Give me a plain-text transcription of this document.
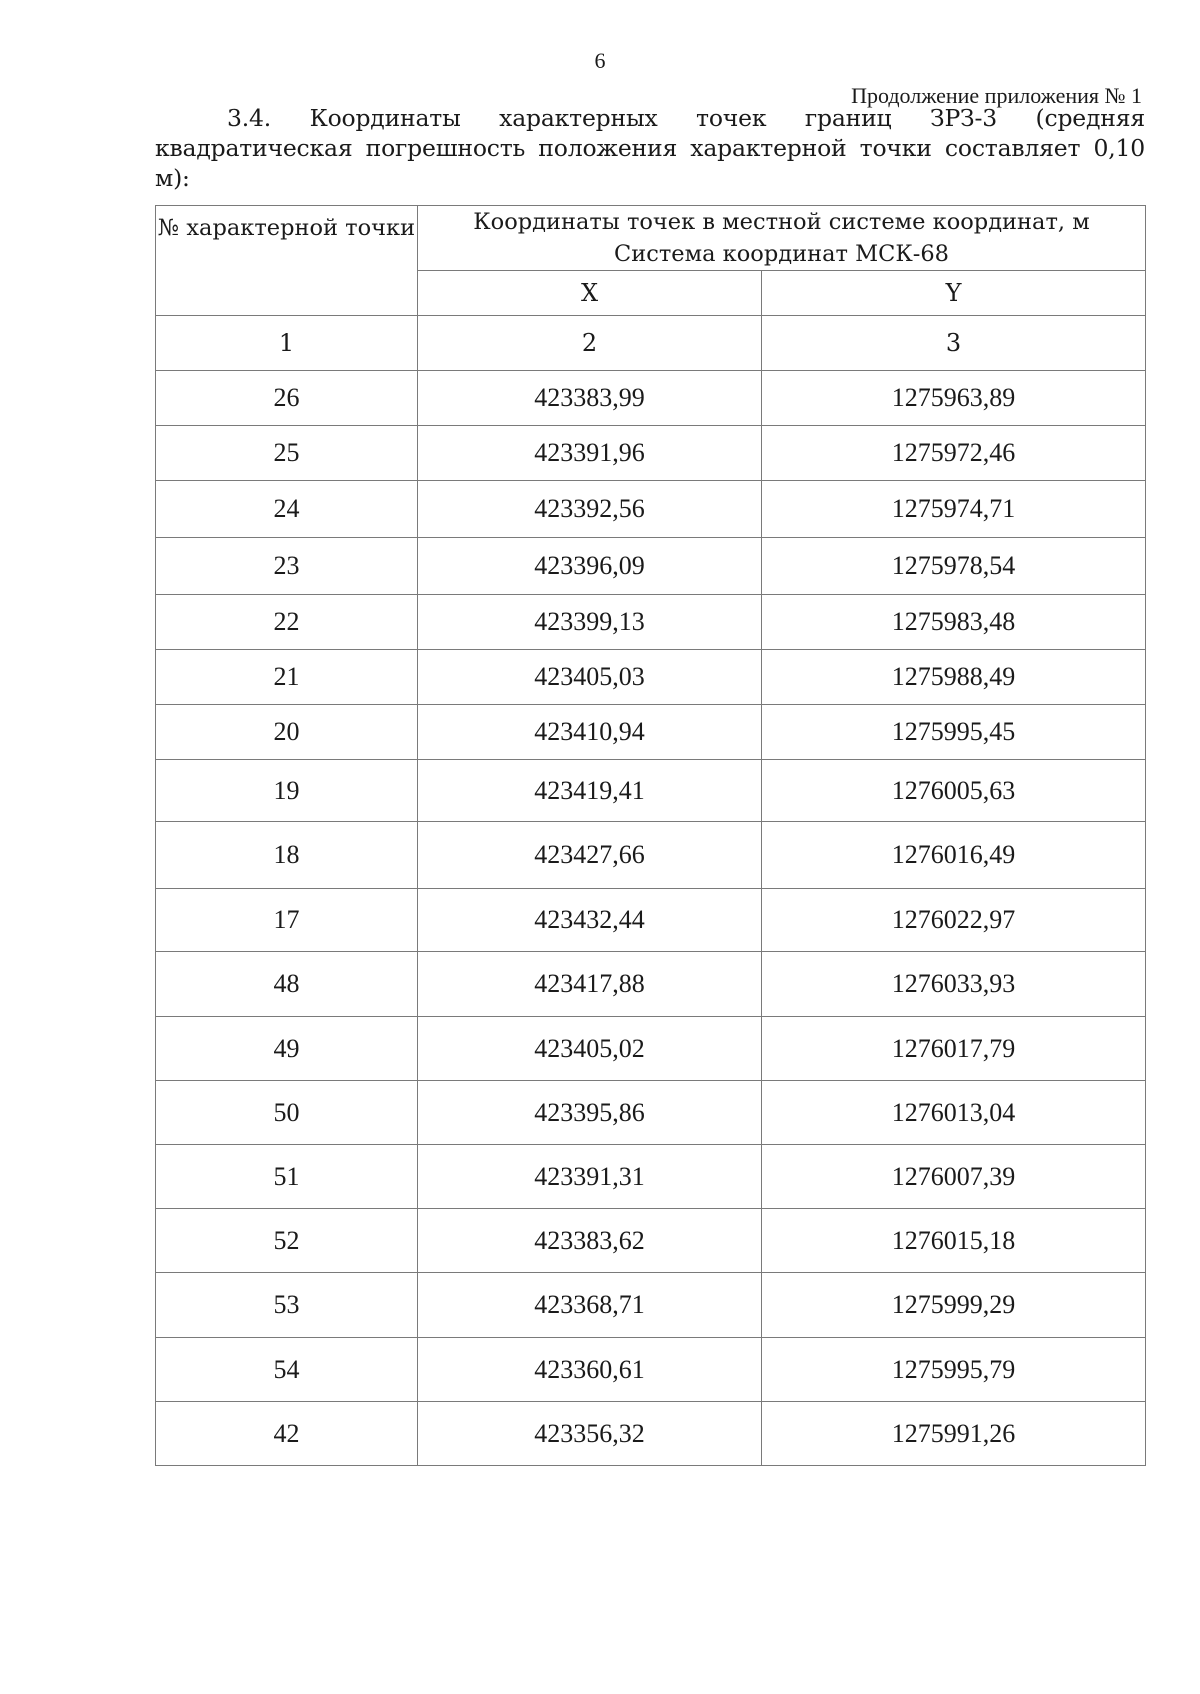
6
Продолжение приложения № 1
3.4. Координаты характерных точек границ ЗРЗ-3 (средняя квадратическая погрешность положения характерной точки составляет 0,10 м):
№ характерной точки	Координаты точек в местной системе координат, м
Система координат МСК-68	

	X	Y
1	2	3
26	423383,99	1275963,89
25	423391,96	1275972,46
24	423392,56	1275974,71
23	423396,09	1275978,54
22	423399,13	1275983,48
21	423405,03	1275988,49
20	423410,94	1275995,45
19	423419,41	1276005,63
18	423427,66	1276016,49
17	423432,44	1276022,97
48	423417,88	1276033,93
49	423405,02	1276017,79
50	423395,86	1276013,04
51	423391,31	1276007,39
52	423383,62	1276015,18
53	423368,71	1275999,29
54	423360,61	1275995,79
42	423356,32	1275991,26
